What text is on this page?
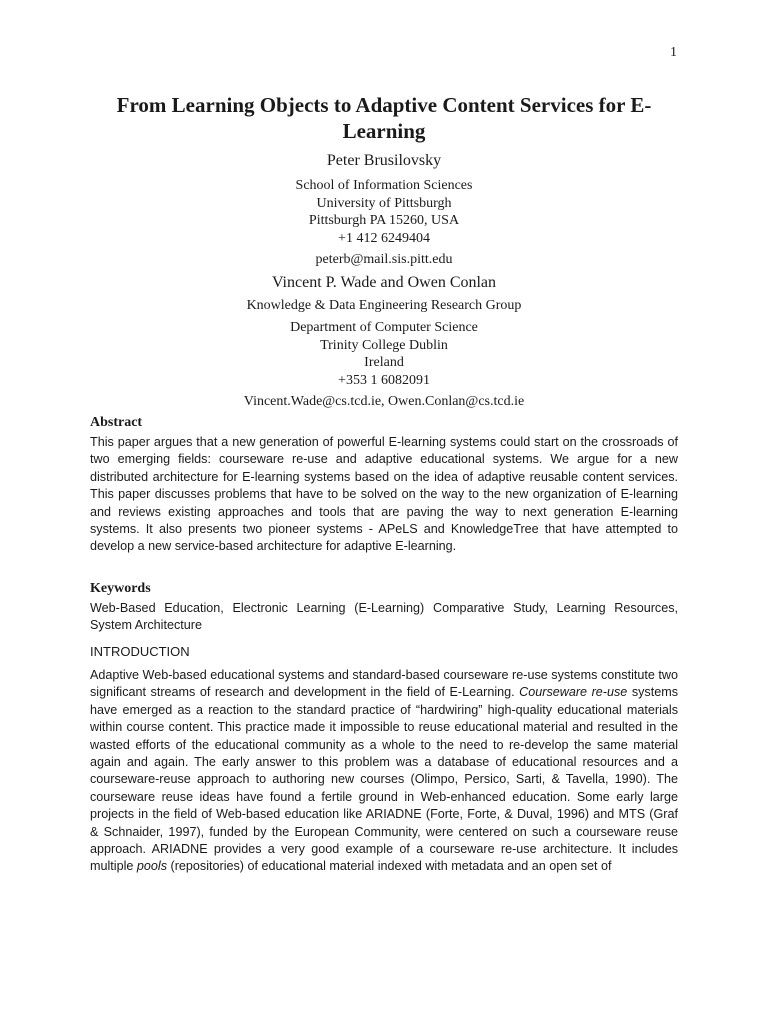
1
From Learning Objects to Adaptive Content Services for E-Learning
Peter Brusilovsky
School of Information Sciences
University of Pittsburgh
Pittsburgh PA 15260, USA
+1 412 6249404
peterb@mail.sis.pitt.edu
Vincent P. Wade and Owen Conlan
Knowledge & Data Engineering Research Group
Department of Computer Science
Trinity College Dublin
Ireland
+353 1 6082091
Vincent.Wade@cs.tcd.ie, Owen.Conlan@cs.tcd.ie
Abstract

This paper argues that a new generation of powerful E-learning systems could start on the crossroads of two emerging fields: courseware re-use and adaptive educational systems. We argue for a new distributed architecture for E-learning systems based on the idea of adaptive reusable content services. This paper discusses problems that have to be solved on the way to the new organization of E-learning and reviews existing approaches and tools that are paving the way to next generation E-learning systems. It also presents two pioneer systems - APeLS and KnowledgeTree that have attempted to develop a new service-based architecture for adaptive E-learning.

Keywords

Web-Based Education, Electronic Learning (E-Learning) Comparative Study, Learning Resources, System Architecture

INTRODUCTION

Adaptive Web-based educational systems and standard-based courseware re-use systems constitute two significant streams of research and development in the field of E-Learning. Courseware re-use systems have emerged as a reaction to the standard practice of “hardwiring” high-quality educational materials within course content. This practice made it impossible to reuse educational material and resulted in the wasted efforts of the educational community as a whole to the need to re-develop the same material again and again. The early answer to this problem was a database of educational resources and a courseware-reuse approach to authoring new courses (Olimpo, Persico, Sarti, & Tavella, 1990). The courseware reuse ideas have found a fertile ground in Web-enhanced education. Some early large projects in the field of Web-based education like ARIADNE (Forte, Forte, & Duval, 1996) and MTS (Graf & Schnaider, 1997), funded by the European Community, were centered on such a courseware reuse approach. ARIADNE provides a very good example of a courseware re-use architecture. It includes multiple pools (repositories) of educational material indexed with metadata and an open set of
